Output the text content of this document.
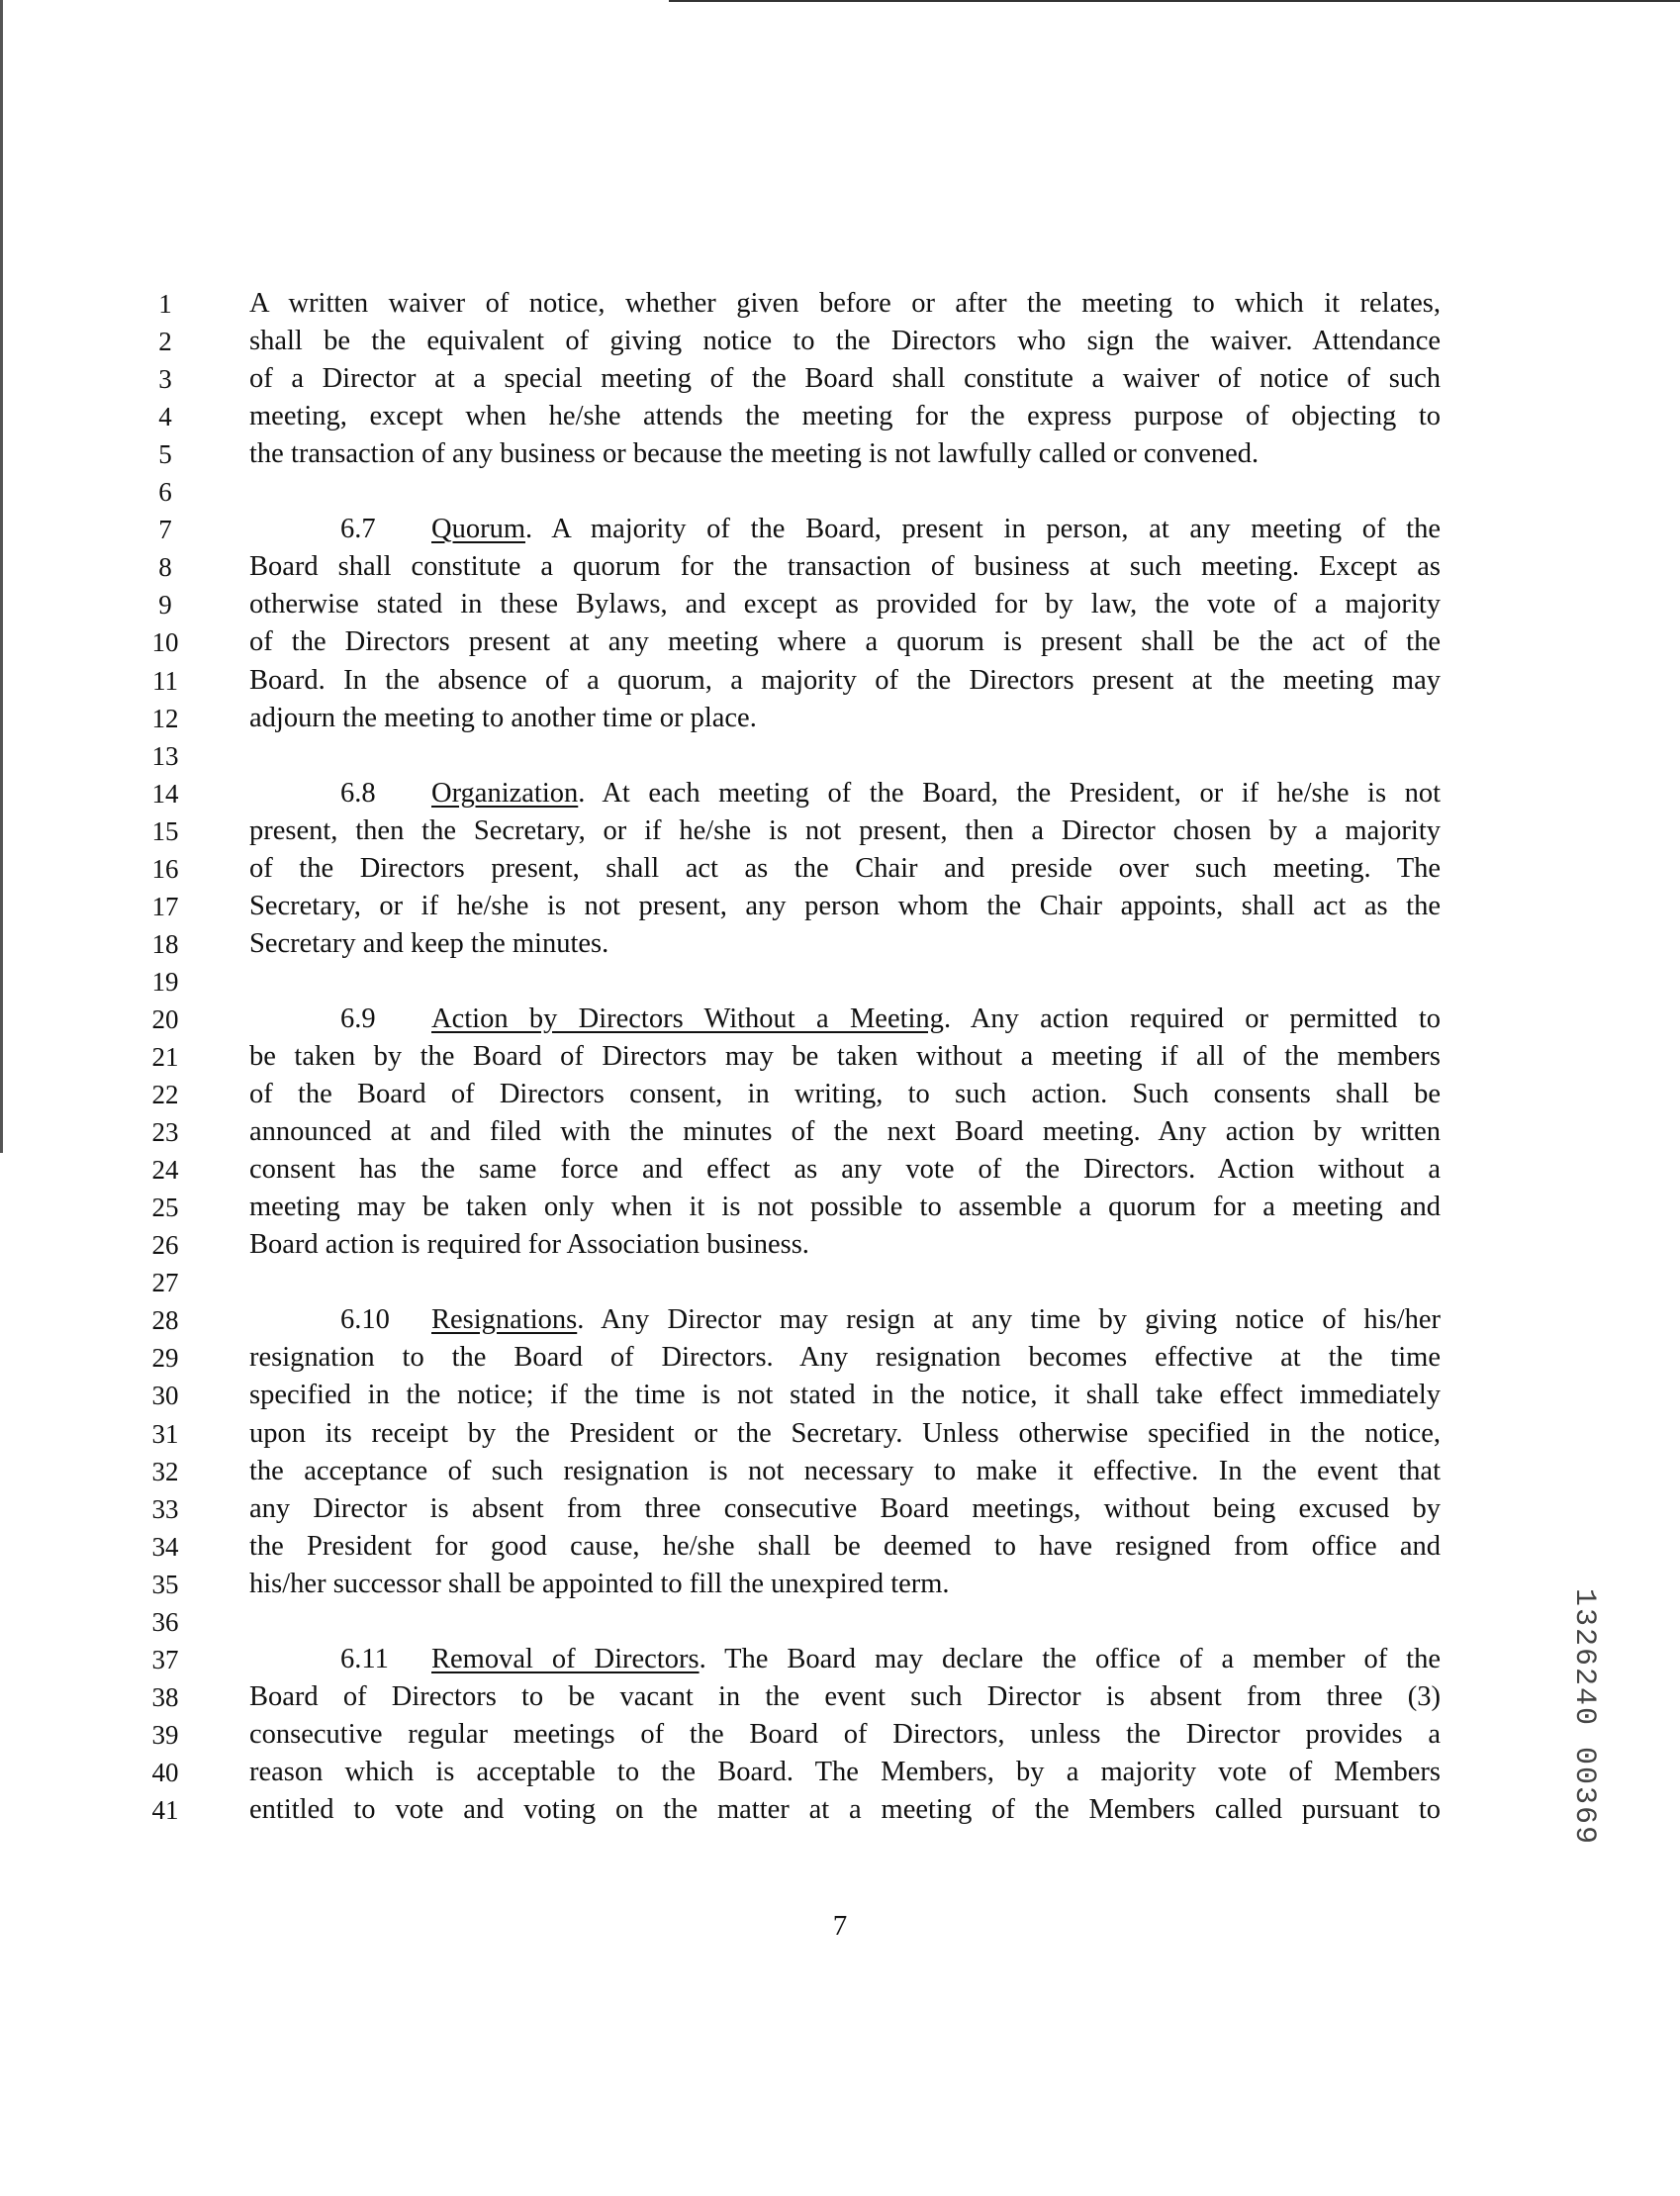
1	A written waiver of notice, whether given before or after the meeting to which it relates,
2	shall be the equivalent of giving notice to the Directors who sign the waiver. Attendance
3	of a Director at a special meeting of the Board shall constitute a waiver of notice of such
4	meeting, except when he/she attends the meeting for the express purpose of objecting to
5	the transaction of any business or because the meeting is not lawfully called or convened.
6
7	6.7 Quorum. A majority of the Board, present in person, at any meeting of the
8	Board shall constitute a quorum for the transaction of business at such meeting. Except as
9	otherwise stated in these Bylaws, and except as provided for by law, the vote of a majority
10	of the Directors present at any meeting where a quorum is present shall be the act of the
11	Board. In the absence of a quorum, a majority of the Directors present at the meeting may
12	adjourn the meeting to another time or place.
13
14	6.8 Organization. At each meeting of the Board, the President, or if he/she is not
15	present, then the Secretary, or if he/she is not present, then a Director chosen by a majority
16	of the Directors present, shall act as the Chair and preside over such meeting. The
17	Secretary, or if he/she is not present, any person whom the Chair appoints, shall act as the
18	Secretary and keep the minutes.
19
20	6.9 Action by Directors Without a Meeting. Any action required or permitted to
21	be taken by the Board of Directors may be taken without a meeting if all of the members
22	of the Board of Directors consent, in writing, to such action. Such consents shall be
23	announced at and filed with the minutes of the next Board meeting. Any action by written
24	consent has the same force and effect as any vote of the Directors. Action without a
25	meeting may be taken only when it is not possible to assemble a quorum for a meeting and
26	Board action is required for Association business.
27
28	6.10 Resignations. Any Director may resign at any time by giving notice of his/her
29	resignation to the Board of Directors. Any resignation becomes effective at the time
30	specified in the notice; if the time is not stated in the notice, it shall take effect immediately
31	upon its receipt by the President or the Secretary. Unless otherwise specified in the notice,
32	the acceptance of such resignation is not necessary to make it effective. In the event that
33	any Director is absent from three consecutive Board meetings, without being excused by
34	the President for good cause, he/she shall be deemed to have resigned from office and
35	his/her successor shall be appointed to fill the unexpired term.
36
37	6.11 Removal of Directors. The Board may declare the office of a member of the
38	Board of Directors to be vacant in the event such Director is absent from three (3)
39	consecutive regular meetings of the Board of Directors, unless the Director provides a
40	reason which is acceptable to the Board. The Members, by a majority vote of Members
41	entitled to vote and voting on the matter at a meeting of the Members called pursuant to
7
1326240 00369
